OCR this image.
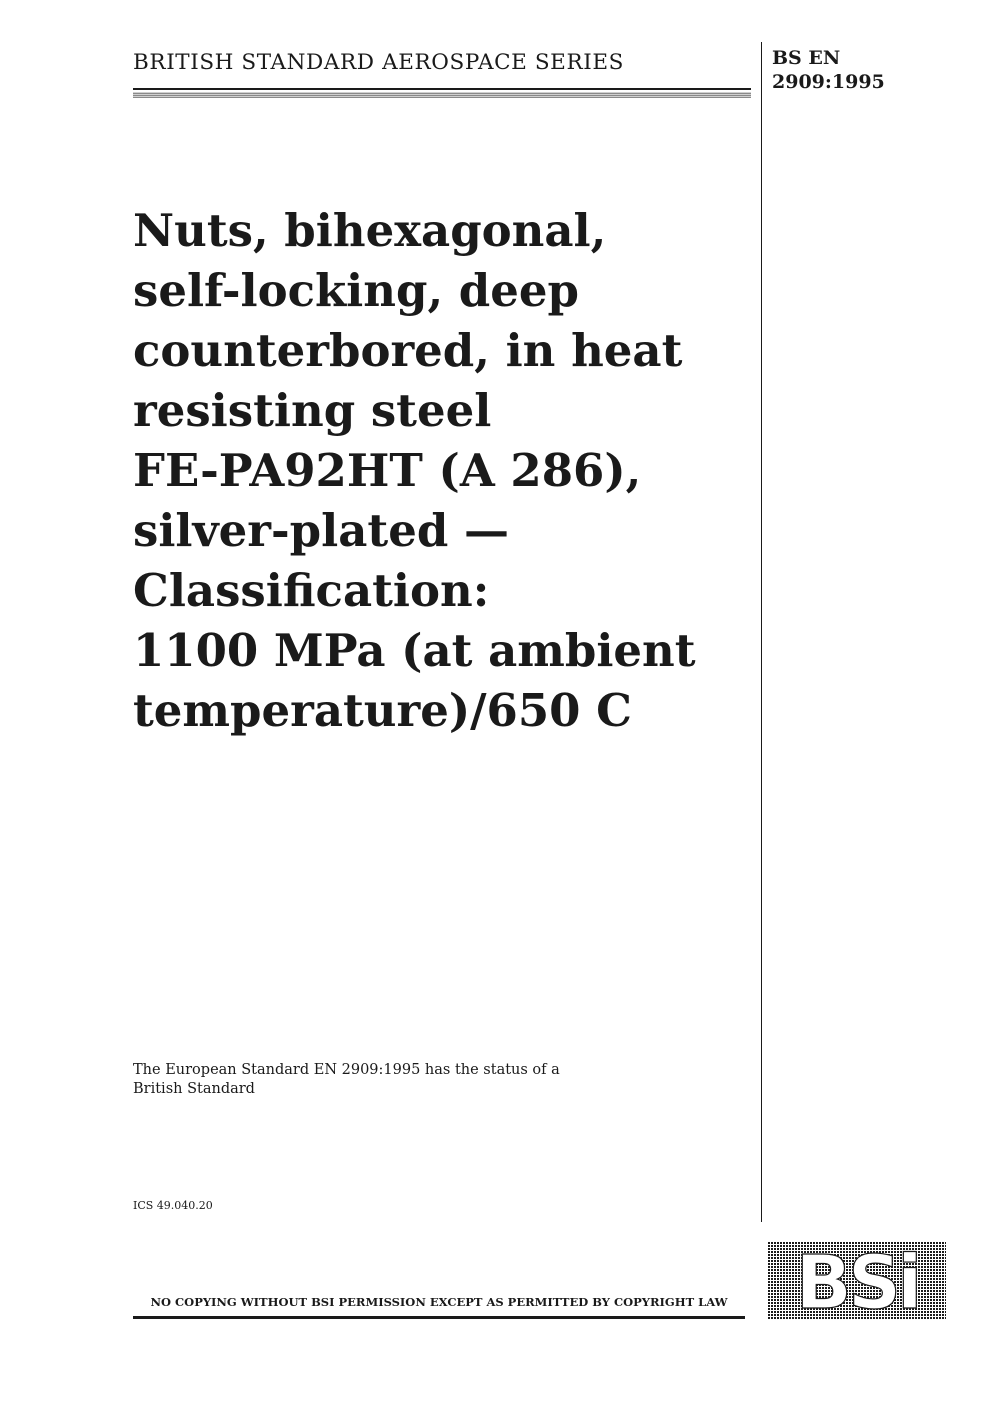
BRITISH STANDARD AEROSPACE SERIES	BS EN
2909:1995
Nuts, bihexagonal,
self-locking, deep
counterbored, in heat
resisting steel
FE-PA92HT (A 286),
silver-plated —
Classification:
1100 MPa (at ambient
temperature)/650 C
The European Standard EN 2909:1995 has the status of a
British Standard
ICS 49.040.20
NO COPYING WITHOUT BSI PERMISSION EXCEPT AS PERMITTED BY COPYRIGHT LAW BSi
